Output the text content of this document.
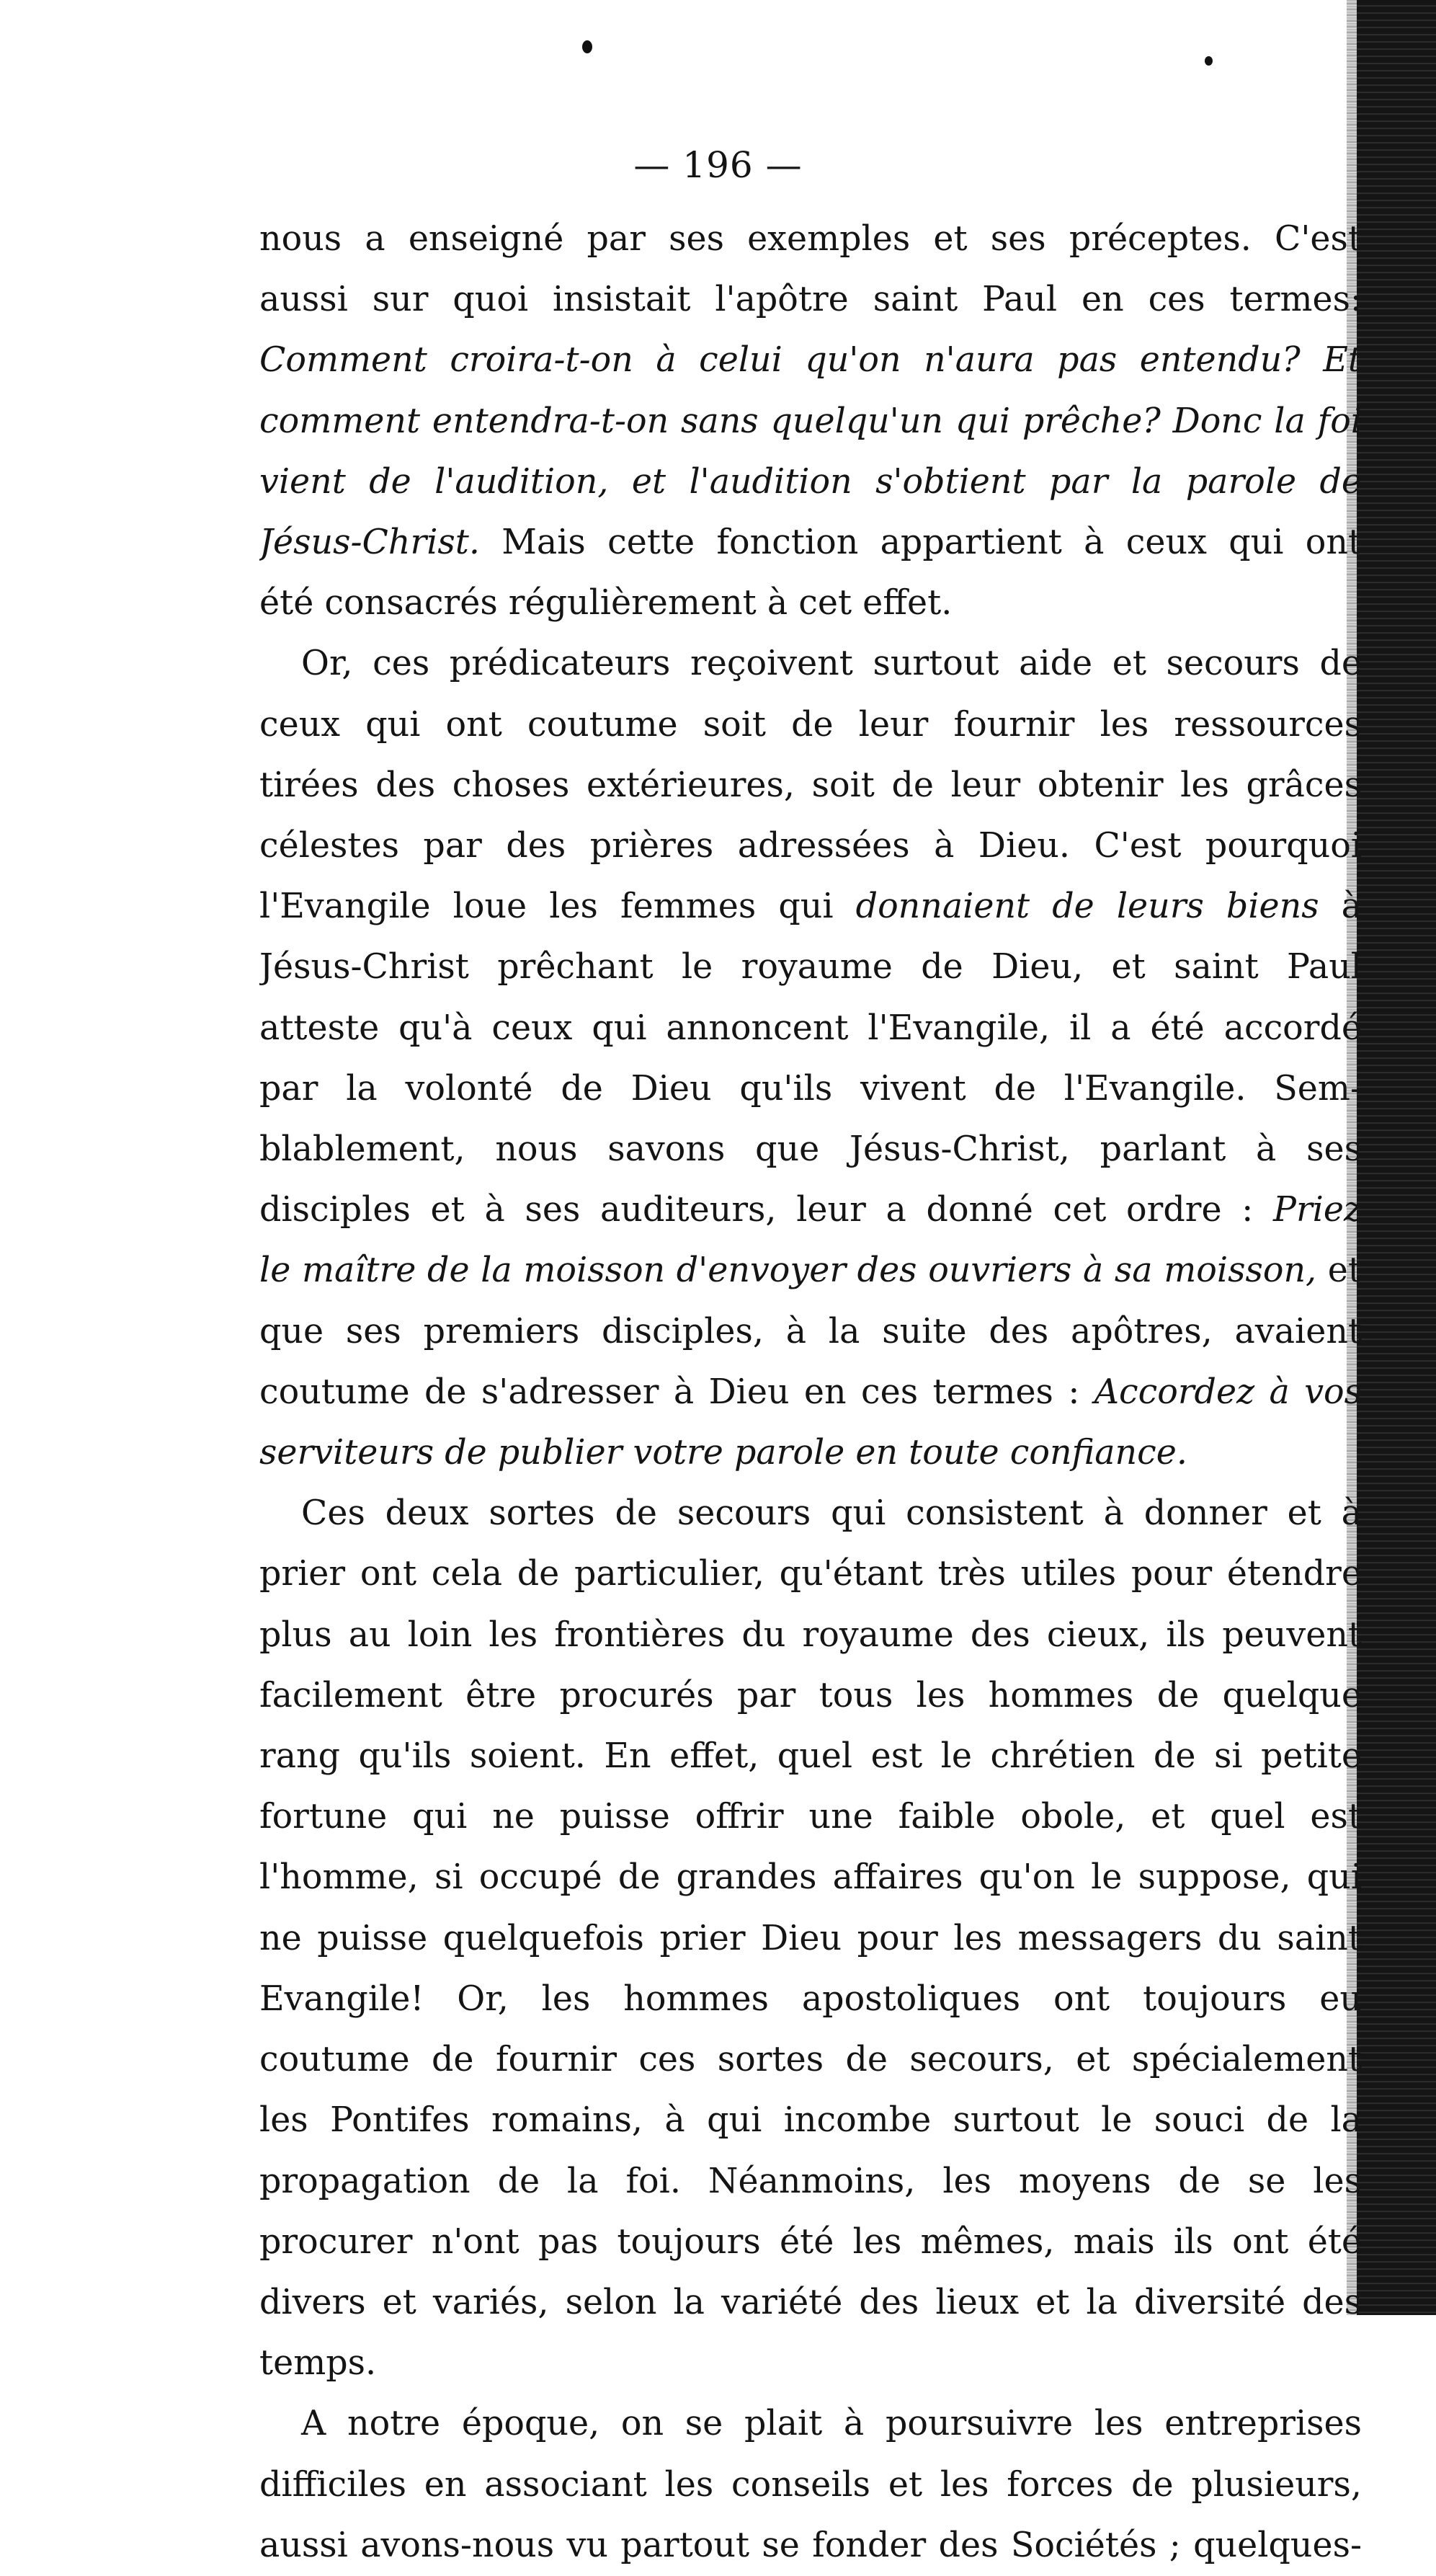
— 196 —
nous a enseigné par ses exemples et ses préceptes. C'est
aussi sur quoi insistait l'apôtre saint Paul en ces termes:
Comment croira-t-on à celui qu'on n'aura pas entendu? Et
comment entendra-t-on sans quelqu'un qui prêche? Donc la foi
vient de l'audition, et l'audition s'obtient par la parole de
Jésus-Christ. Mais cette fonction appartient à ceux qui ont
été consacrés régulièrement à cet effet.
Or, ces prédicateurs reçoivent surtout aide et secours de
ceux qui ont coutume soit de leur fournir les ressources
tirées des choses extérieures, soit de leur obtenir les grâces
célestes par des prières adressées à Dieu. C'est pourquoi
l'Evangile loue les femmes qui donnaient de leurs biens à
Jésus-Christ prêchant le royaume de Dieu, et saint Paul
atteste qu'à ceux qui annoncent l'Evangile, il a été accordé
par la volonté de Dieu qu'ils vivent de l'Evangile. Sem-
blablement, nous savons que Jésus-Christ, parlant à ses
disciples et à ses auditeurs, leur a donné cet ordre : Priez
le maître de la moisson d'envoyer des ouvriers à sa moisson, et
que ses premiers disciples, à la suite des apôtres, avaient
coutume de s'adresser à Dieu en ces termes : Accordez à vos
serviteurs de publier votre parole en toute confiance.
Ces deux sortes de secours qui consistent à donner et à
prier ont cela de particulier, qu'étant très utiles pour étendre
plus au loin les frontières du royaume des cieux, ils peuvent
facilement être procurés par tous les hommes de quelque
rang qu'ils soient. En effet, quel est le chrétien de si petite
fortune qui ne puisse offrir une faible obole, et quel est
l'homme, si occupé de grandes affaires qu'on le suppose, qui
ne puisse quelquefois prier Dieu pour les messagers du saint
Evangile! Or, les hommes apostoliques ont toujours eu
coutume de fournir ces sortes de secours, et spécialement
les Pontifes romains, à qui incombe surtout le souci de la
propagation de la foi. Néanmoins, les moyens de se les
procurer n'ont pas toujours été les mêmes, mais ils ont été
divers et variés, selon la variété des lieux et la diversité des
temps.
A notre époque, on se plait à poursuivre les entreprises
difficiles en associant les conseils et les forces de plusieurs,
aussi avons-nous vu partout se fonder des Sociétés ; quelques-
